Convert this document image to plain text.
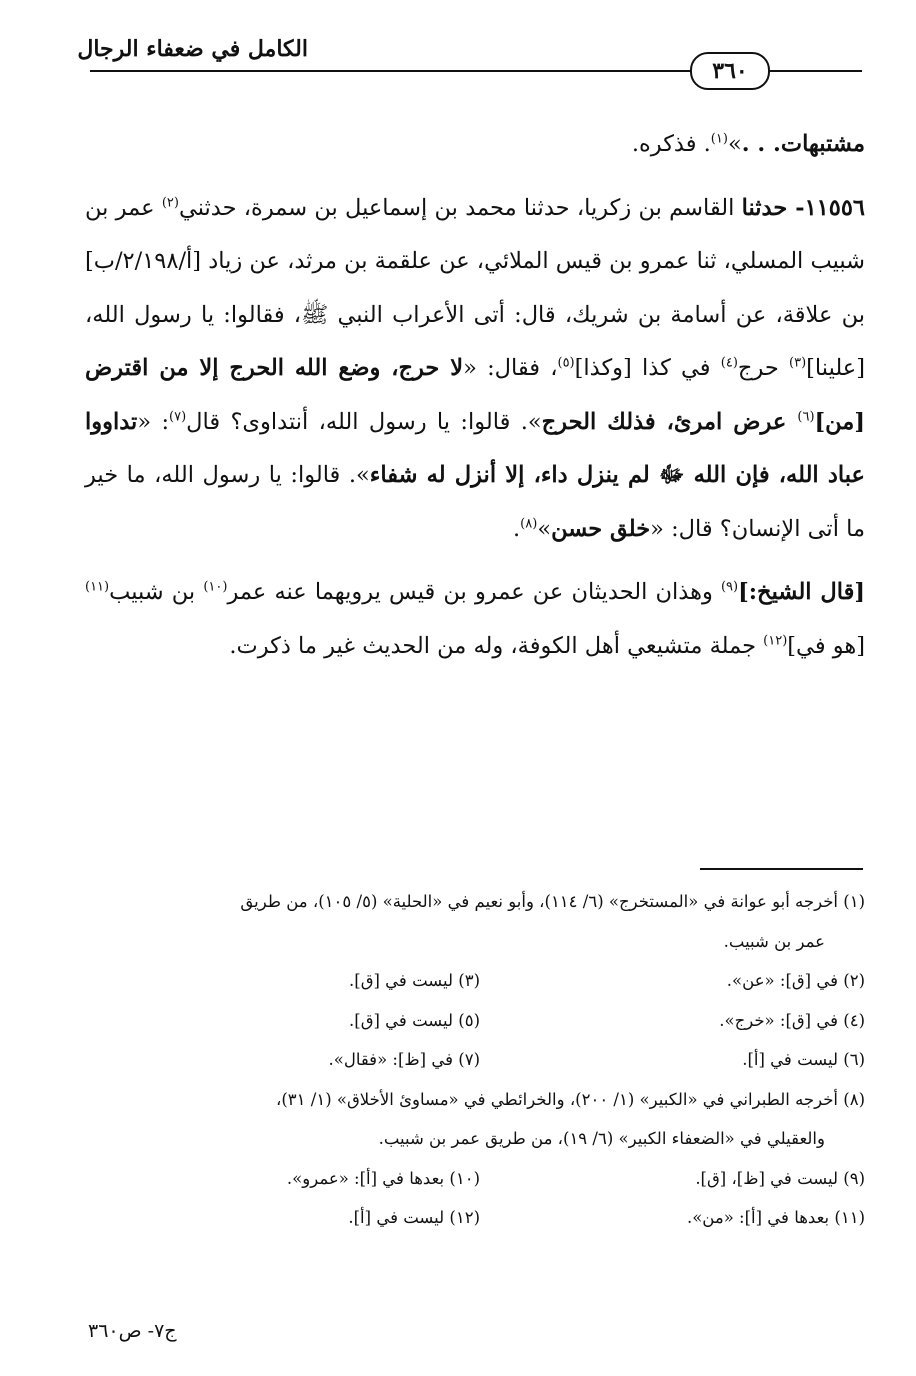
٣٦٠
الكامل في ضعفاء الرجال

مشتبهات. . .»$^{(١)}$. فذكره.

١١٥٥٦- حدثنا القاسم بن زكريا، حدثنا محمد بن إسماعيل بن سمرة، حدثني$^{(٢)}$ عمر بن شبيب المسلي، ثنا عمرو بن قيس الملائي، عن علقمة بن مرثد، عن زياد [أ/٢/١٩٨/ب] بن علاقة، عن أسامة بن شريك، قال: أتى الأعراب النبي ﷺ، فقالوا: يا رسول الله، [علينا]$^{(٣)}$ حرج$^{(٤)}$ في كذا [وكذا]$^{(٥)}$، فقال: «لا حرج، وضع الله الحرج إلا من اقترض [من]$^{(٦)}$ عرض امرئ، فذلك الحرج». قالوا: يا رسول الله، أنتداوى؟ قال$^{(٧)}$: «تداووا عباد الله، فإن الله ﷻ لم ينزل داء، إلا أنزل له شفاء». قالوا: يا رسول الله، ما خير ما أتى الإنسان؟ قال: «خلق حسن»$^{(٨)}$.

[قال الشيخ:]$^{(٩)}$ وهذان الحديثان عن عمرو بن قيس يرويهما عنه عمر$^{(١٠)}$ بن شبيب$^{(١١)}$ [هو في]$^{(١٢)}$ جملة متشيعي أهل الكوفة، وله من الحديث غير ما ذكرت.

(١) أخرجه أبو عوانة في «المستخرج» (٦/ ١١٤)، وأبو نعيم في «الحلية» (٥/ ١٠٥)، من طريق
عمر بن شبيب.
(٢) في [ق]: «عن».
(٣) ليست في [ق].
(٤) في [ق]: «خرج».
(٥) ليست في [ق].
(٦) ليست في [أ].
(٧) في [ظ]: «فقال».
(٨) أخرجه الطبراني في «الكبير» (١/ ٢٠٠)، والخرائطي في «مساوئ الأخلاق» (١/ ٣١)،
والعقيلي في «الضعفاء الكبير» (٦/ ١٩)، من طريق عمر بن شبيب.
(٩) ليست في [ظ]، [ق].
(١٠) بعدها في [أ]: «عمرو».
(١١) بعدها في [أ]: «من».
(١٢) ليست في [أ].
ج٧- ص٣٦٠
